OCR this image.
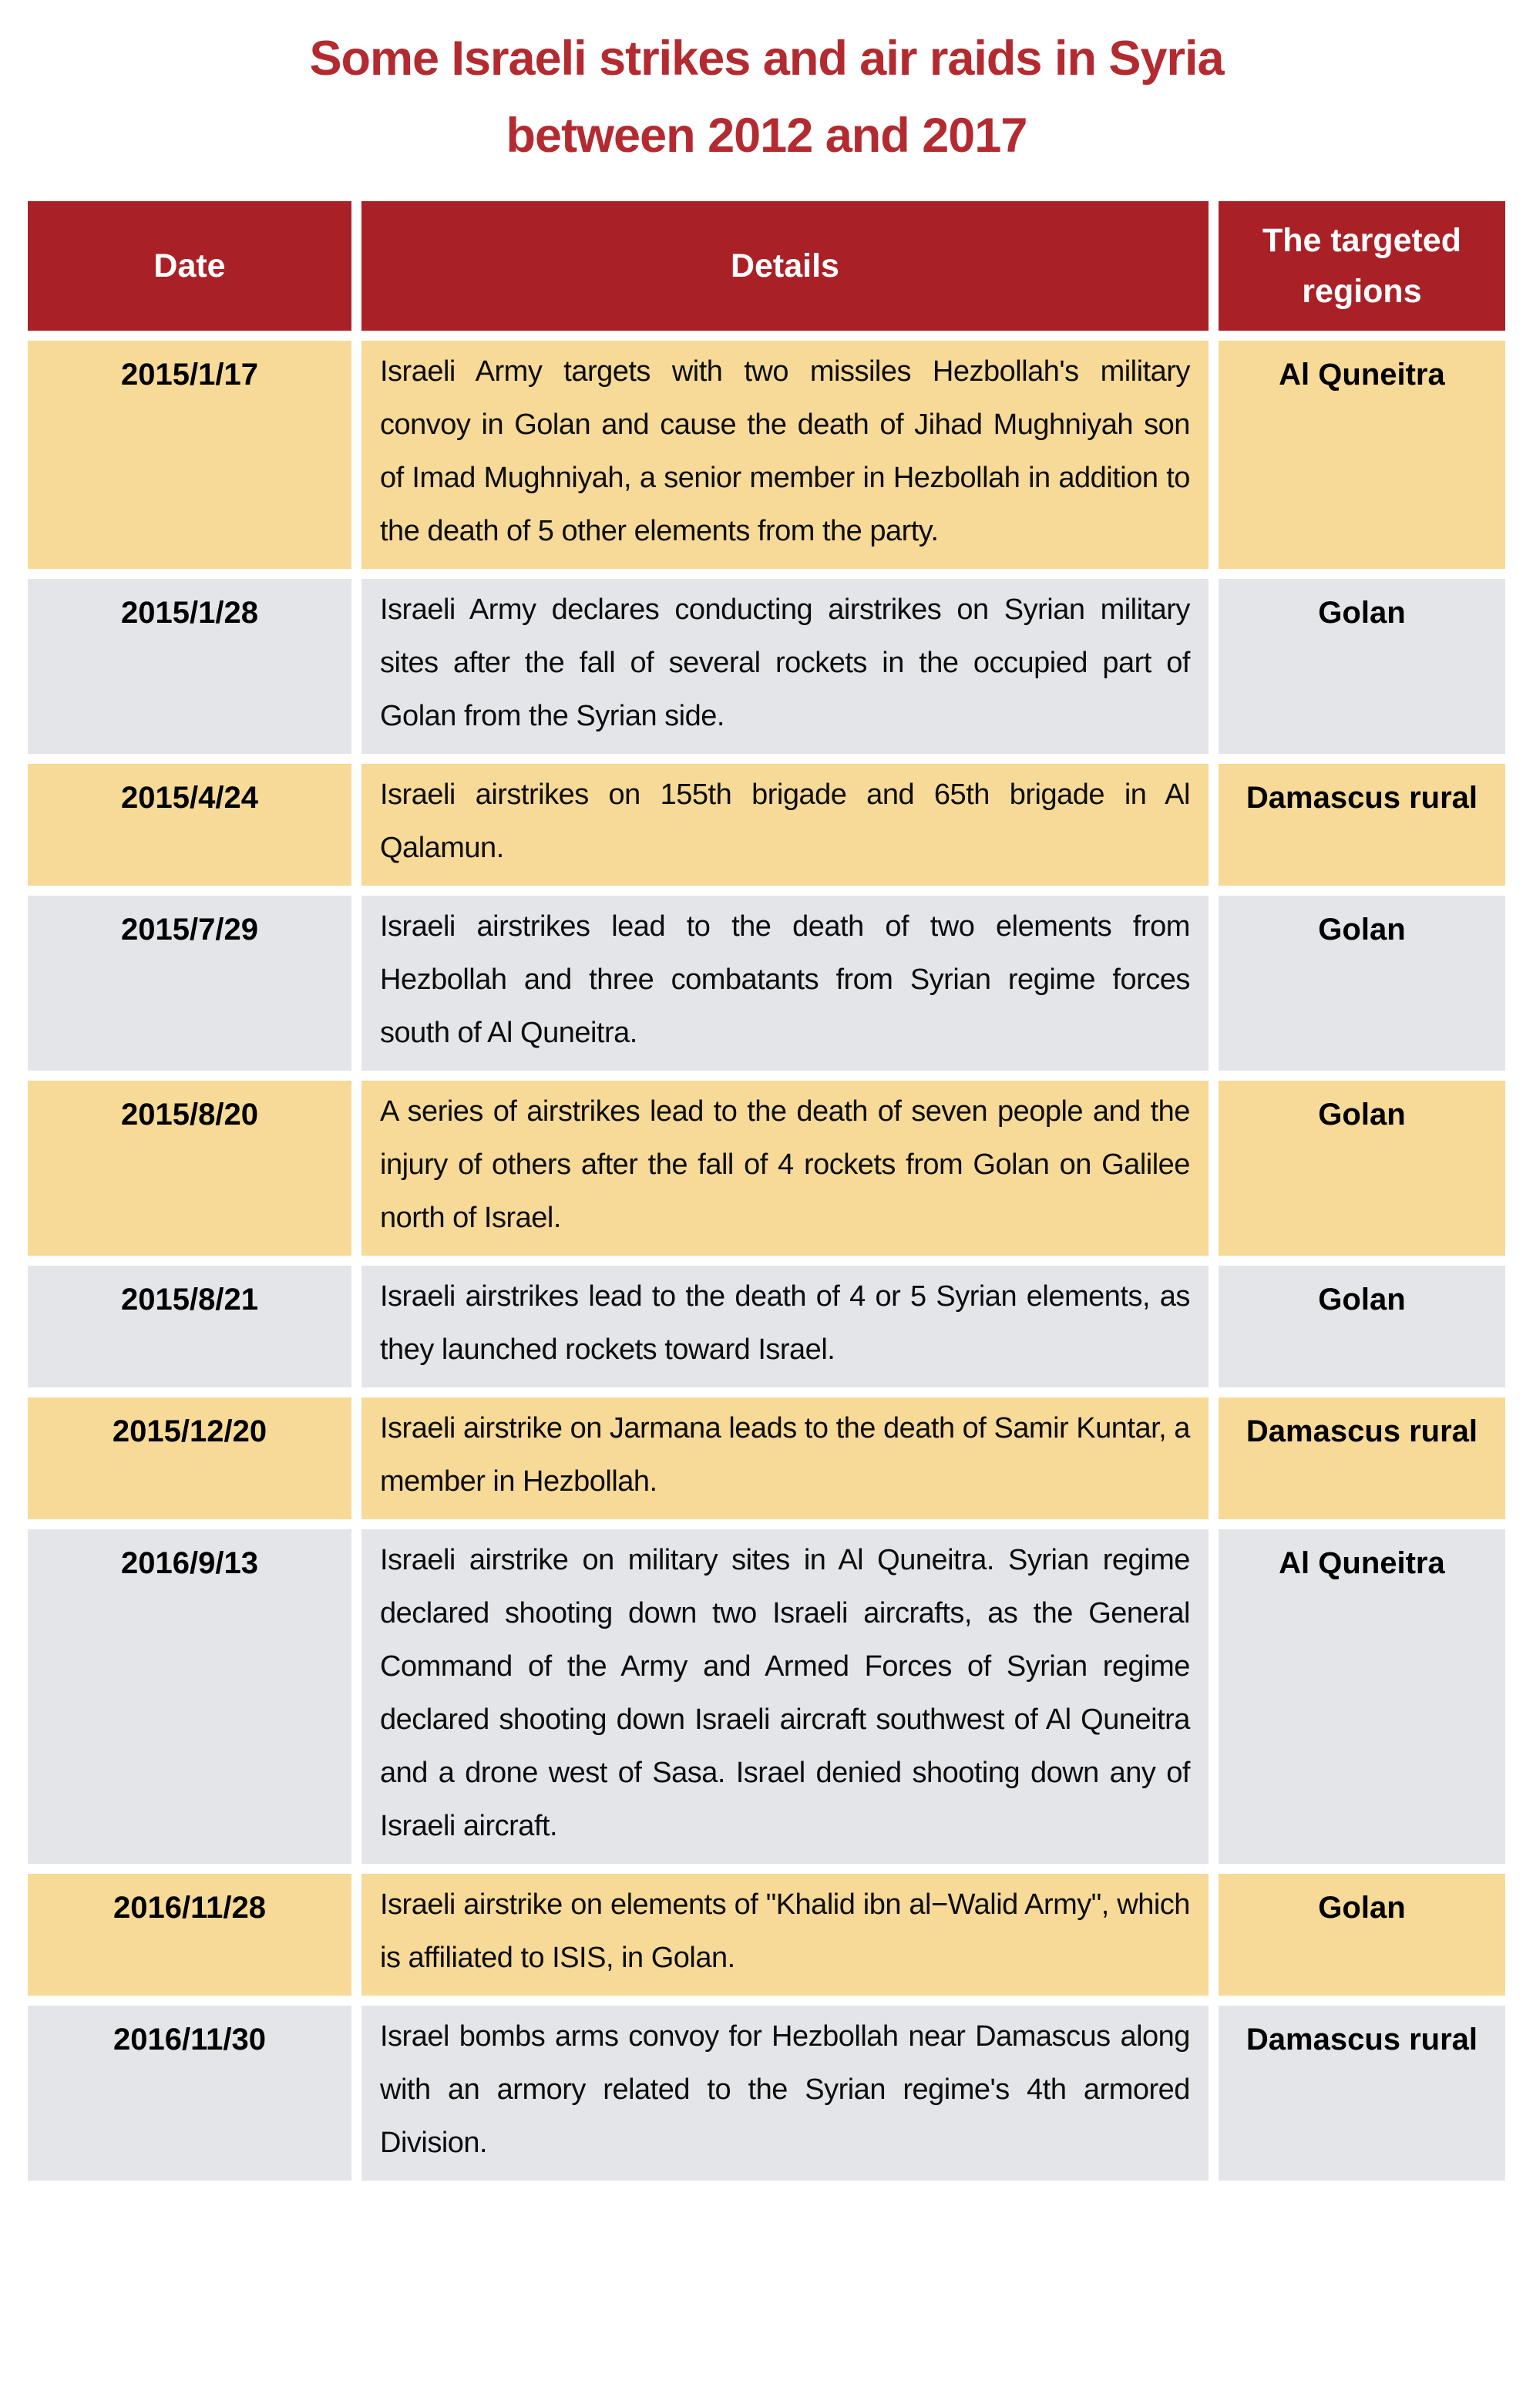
Some Israeli strikes and air raids in Syria
between 2012 and 2017
Date	Details	The targeted regions
2015/1/17	Israeli Army targets with two missiles Hezbollah's military convoy in Golan and cause the death of Jihad Mughniyah son of Imad Mughniyah, a senior member in Hezbollah in addition to the death of 5 other elements from the party.	Al Quneitra
2015/1/28	Israeli Army declares conducting airstrikes on Syrian military sites after the fall of several rockets in the occupied part of Golan from the Syrian side.	Golan
2015/4/24	Israeli airstrikes on 155th brigade and 65th brigade in Al Qalamun.	Damascus rural
2015/7/29	Israeli airstrikes lead to the death of two elements from Hezbollah and three combatants from Syrian regime forces south of Al Quneitra.	Golan
2015/8/20	A series of airstrikes lead to the death of seven people and the injury of others after the fall of 4 rockets from Golan on Galilee north of Israel.	Golan
2015/8/21	Israeli airstrikes lead to the death of 4 or 5 Syrian elements, as they launched rockets toward Israel.	Golan
2015/12/20	Israeli airstrike on Jarmana leads to the death of Samir Kuntar, a member in Hezbollah.	Damascus rural
2016/9/13	Israeli airstrike on military sites in Al Quneitra. Syrian regime declared shooting down two Israeli aircrafts, as the General Command of the Army and Armed Forces of Syrian regime declared shooting down Israeli aircraft southwest of Al Quneitra and a drone west of Sasa. Israel denied shooting down any of Israeli aircraft.	Al Quneitra
2016/11/28	Israeli airstrike on elements of "Khalid ibn al−Walid Army", which is affiliated to ISIS, in Golan.	Golan
2016/11/30	Israel bombs arms convoy for Hezbollah near Damascus along with an armory related to the Syrian regime's 4th armored Division.	Damascus rural
